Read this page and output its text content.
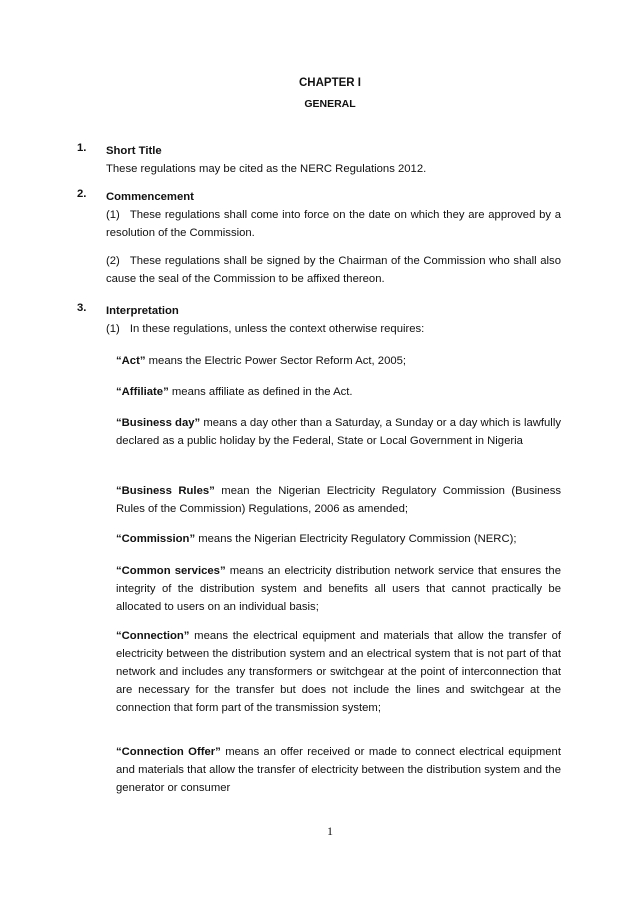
CHAPTER I
GENERAL
1. Short Title

These regulations may be cited as the NERC Regulations 2012.

2. Commencement

(1) These regulations shall come into force on the date on which they are approved by a resolution of the Commission.

(2) These regulations shall be signed by the Chairman of the Commission who shall also cause the seal of the Commission to be affixed thereon.

3. Interpretation

(1) In these regulations, unless the context otherwise requires:

“Act” means the Electric Power Sector Reform Act, 2005;

“Affiliate” means affiliate as defined in the Act.

“Business day” means a day other than a Saturday, a Sunday or a day which is lawfully declared as a public holiday by the Federal, State or Local Government in Nigeria

“Business Rules” mean the Nigerian Electricity Regulatory Commission (Business Rules of the Commission) Regulations, 2006 as amended;

“Commission” means the Nigerian Electricity Regulatory Commission (NERC);

“Common services” means an electricity distribution network service that ensures the integrity of the distribution system and benefits all users that cannot practically be allocated to users on an individual basis;

“Connection” means the electrical equipment and materials that allow the transfer of electricity between the distribution system and an electrical system that is not part of that network and includes any transformers or switchgear at the point of interconnection that are necessary for the transfer but does not include the lines and switchgear at the connection that form part of the transmission system;

“Connection Offer” means an offer received or made to connect electrical equipment and materials that allow the transfer of electricity between the distribution system and the generator or consumer

1
